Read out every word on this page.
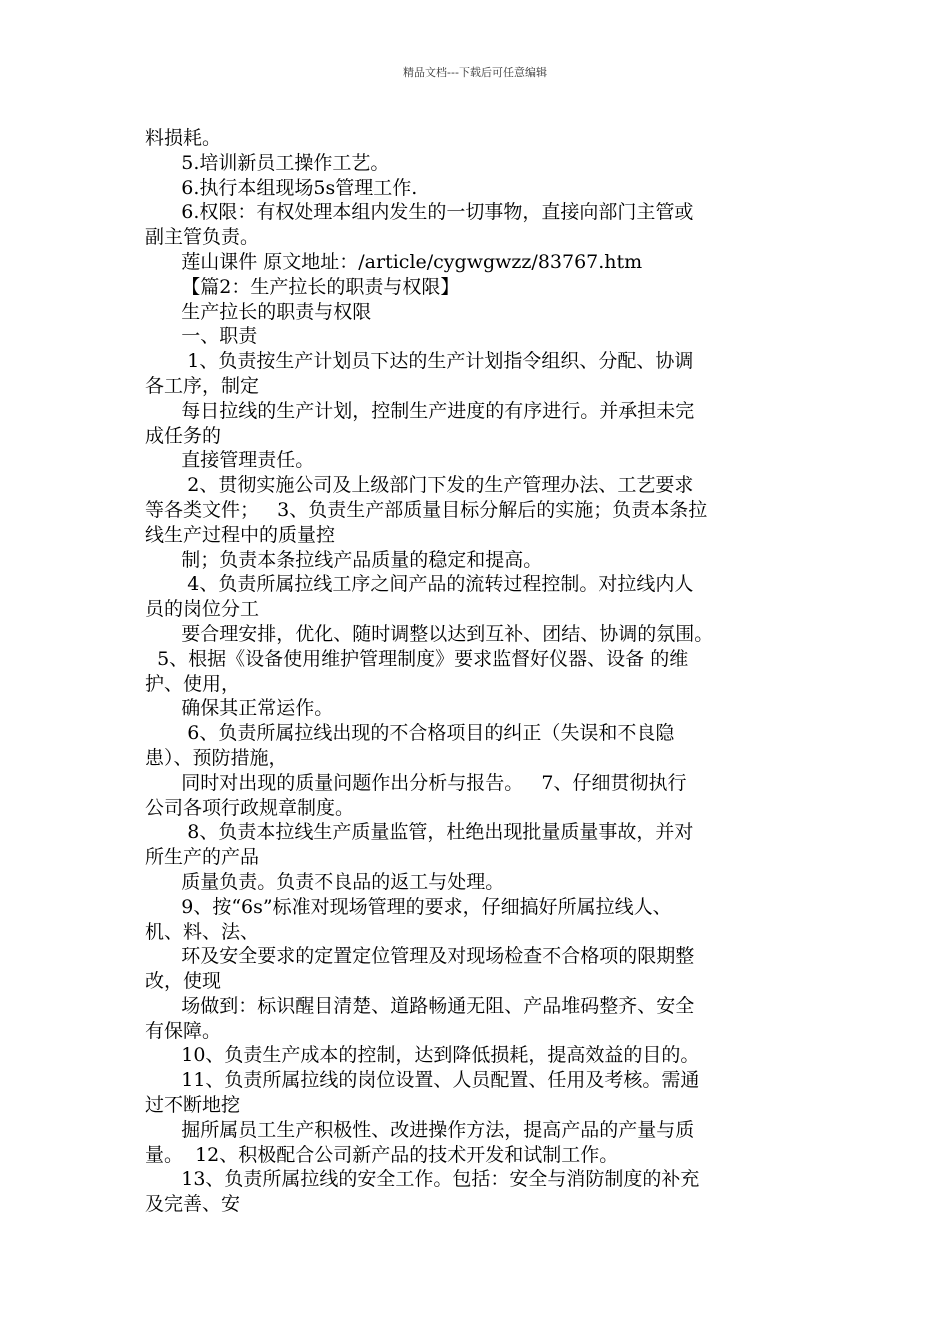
精品文档---下载后可任意编辑
料损耗。
5.培训新员工操作工艺。
6.执行本组现场5s管理工作.
6.权限：有权处理本组内发生的一切事物，直接向部门主管或
副主管负责。
莲山课件 原文地址：/article/cygwgwzz/83767.htm
【篇2：生产拉长的职责与权限】
生产拉长的职责与权限
一、职责
1、负责按生产计划员下达的生产计划指令组织、分配、协调
各工序，制定
每日拉线的生产计划，控制生产进度的有序进行。并承担未完
成任务的
直接管理责任。
2、贯彻实施公司及上级部门下发的生产管理办法、工艺要求
等各类文件；   3、负责生产部质量目标分解后的实施；负责本条拉
线生产过程中的质量控
制；负责本条拉线产品质量的稳定和提高。
4、负责所属拉线工序之间产品的流转过程控制。对拉线内人
员的岗位分工
要合理安排，优化、随时调整以达到互补、团结、协调的氛围。
5、根据《设备使用维护管理制度》要求监督好仪器、设备 的维
护、使用，
确保其正常运作。
6、负责所属拉线出现的不合格项目的纠正（失误和不良隐
患）、预防措施，
同时对出现的质量问题作出分析与报告。   7、仔细贯彻执行
公司各项行政规章制度。
8、负责本拉线生产质量监管，杜绝出现批量质量事故，并对
所生产的产品
质量负责。负责不良品的返工与处理。
9、按“6s”标准对现场管理的要求，仔细搞好所属拉线人、
机、料、法、
环及安全要求的定置定位管理及对现场检查不合格项的限期整
改，使现
场做到：标识醒目清楚、道路畅通无阻、产品堆码整齐、安全
有保障。
10、负责生产成本的控制，达到降低损耗，提高效益的目的。
11、负责所属拉线的岗位设置、人员配置、任用及考核。需通
过不断地挖
掘所属员工生产积极性、改进操作方法，提高产品的产量与质
量。  12、积极配合公司新产品的技术开发和试制工作。
13、负责所属拉线的安全工作。包括：安全与消防制度的补充
及完善、安
